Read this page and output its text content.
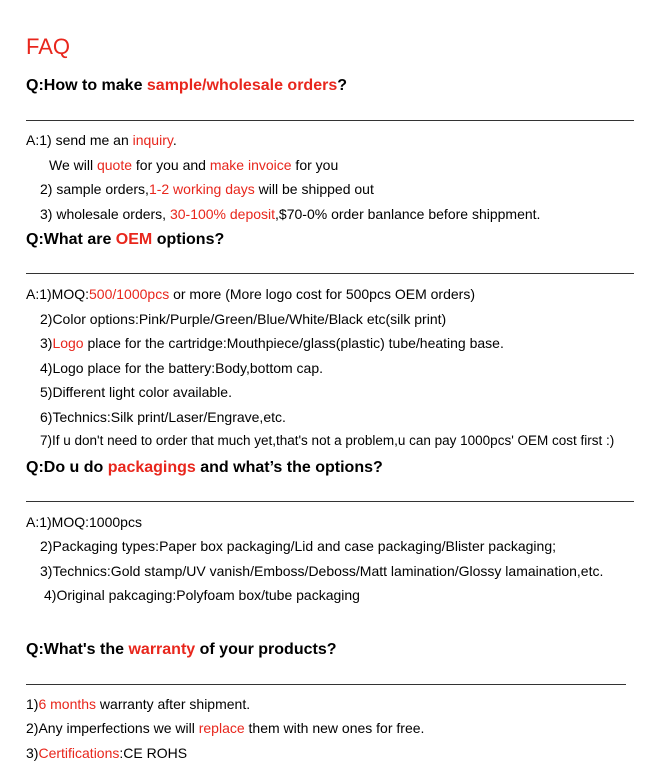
FAQ
Q:How to make sample/wholesale orders?
A:1) send me an inquiry.
We will quote for you and make invoice for you
2) sample orders,1-2 working days will be shipped out
3) wholesale orders, 30-100% deposit,$70-0% order banlance before shippment.
Q:What are OEM options?
A:1)MOQ:500/1000pcs or more (More logo cost for 500pcs OEM orders)
2)Color options:Pink/Purple/Green/Blue/White/Black etc(silk print)
3)Logo place for the cartridge:Mouthpiece/glass(plastic) tube/heating base.
4)Logo place for the battery:Body,bottom cap.
5)Different light color available.
6)Technics:Silk print/Laser/Engrave,etc.
7)If u don't need to order that much yet,that's not a problem,u can pay 1000pcs' OEM cost first :)
Q:Do u do packagings and what’s the options?
A:1)MOQ:1000pcs
2)Packaging types:Paper box packaging/Lid and case packaging/Blister packaging;
3)Technics:Gold stamp/UV vanish/Emboss/Deboss/Matt lamination/Glossy lamaination,etc.
4)Original pakcaging:Polyfoam box/tube packaging
Q:What's the warranty of your products?
1)6 months warranty after shipment.
2)Any imperfections we will replace them with new ones for free.
3)Certifications:CE ROHS
